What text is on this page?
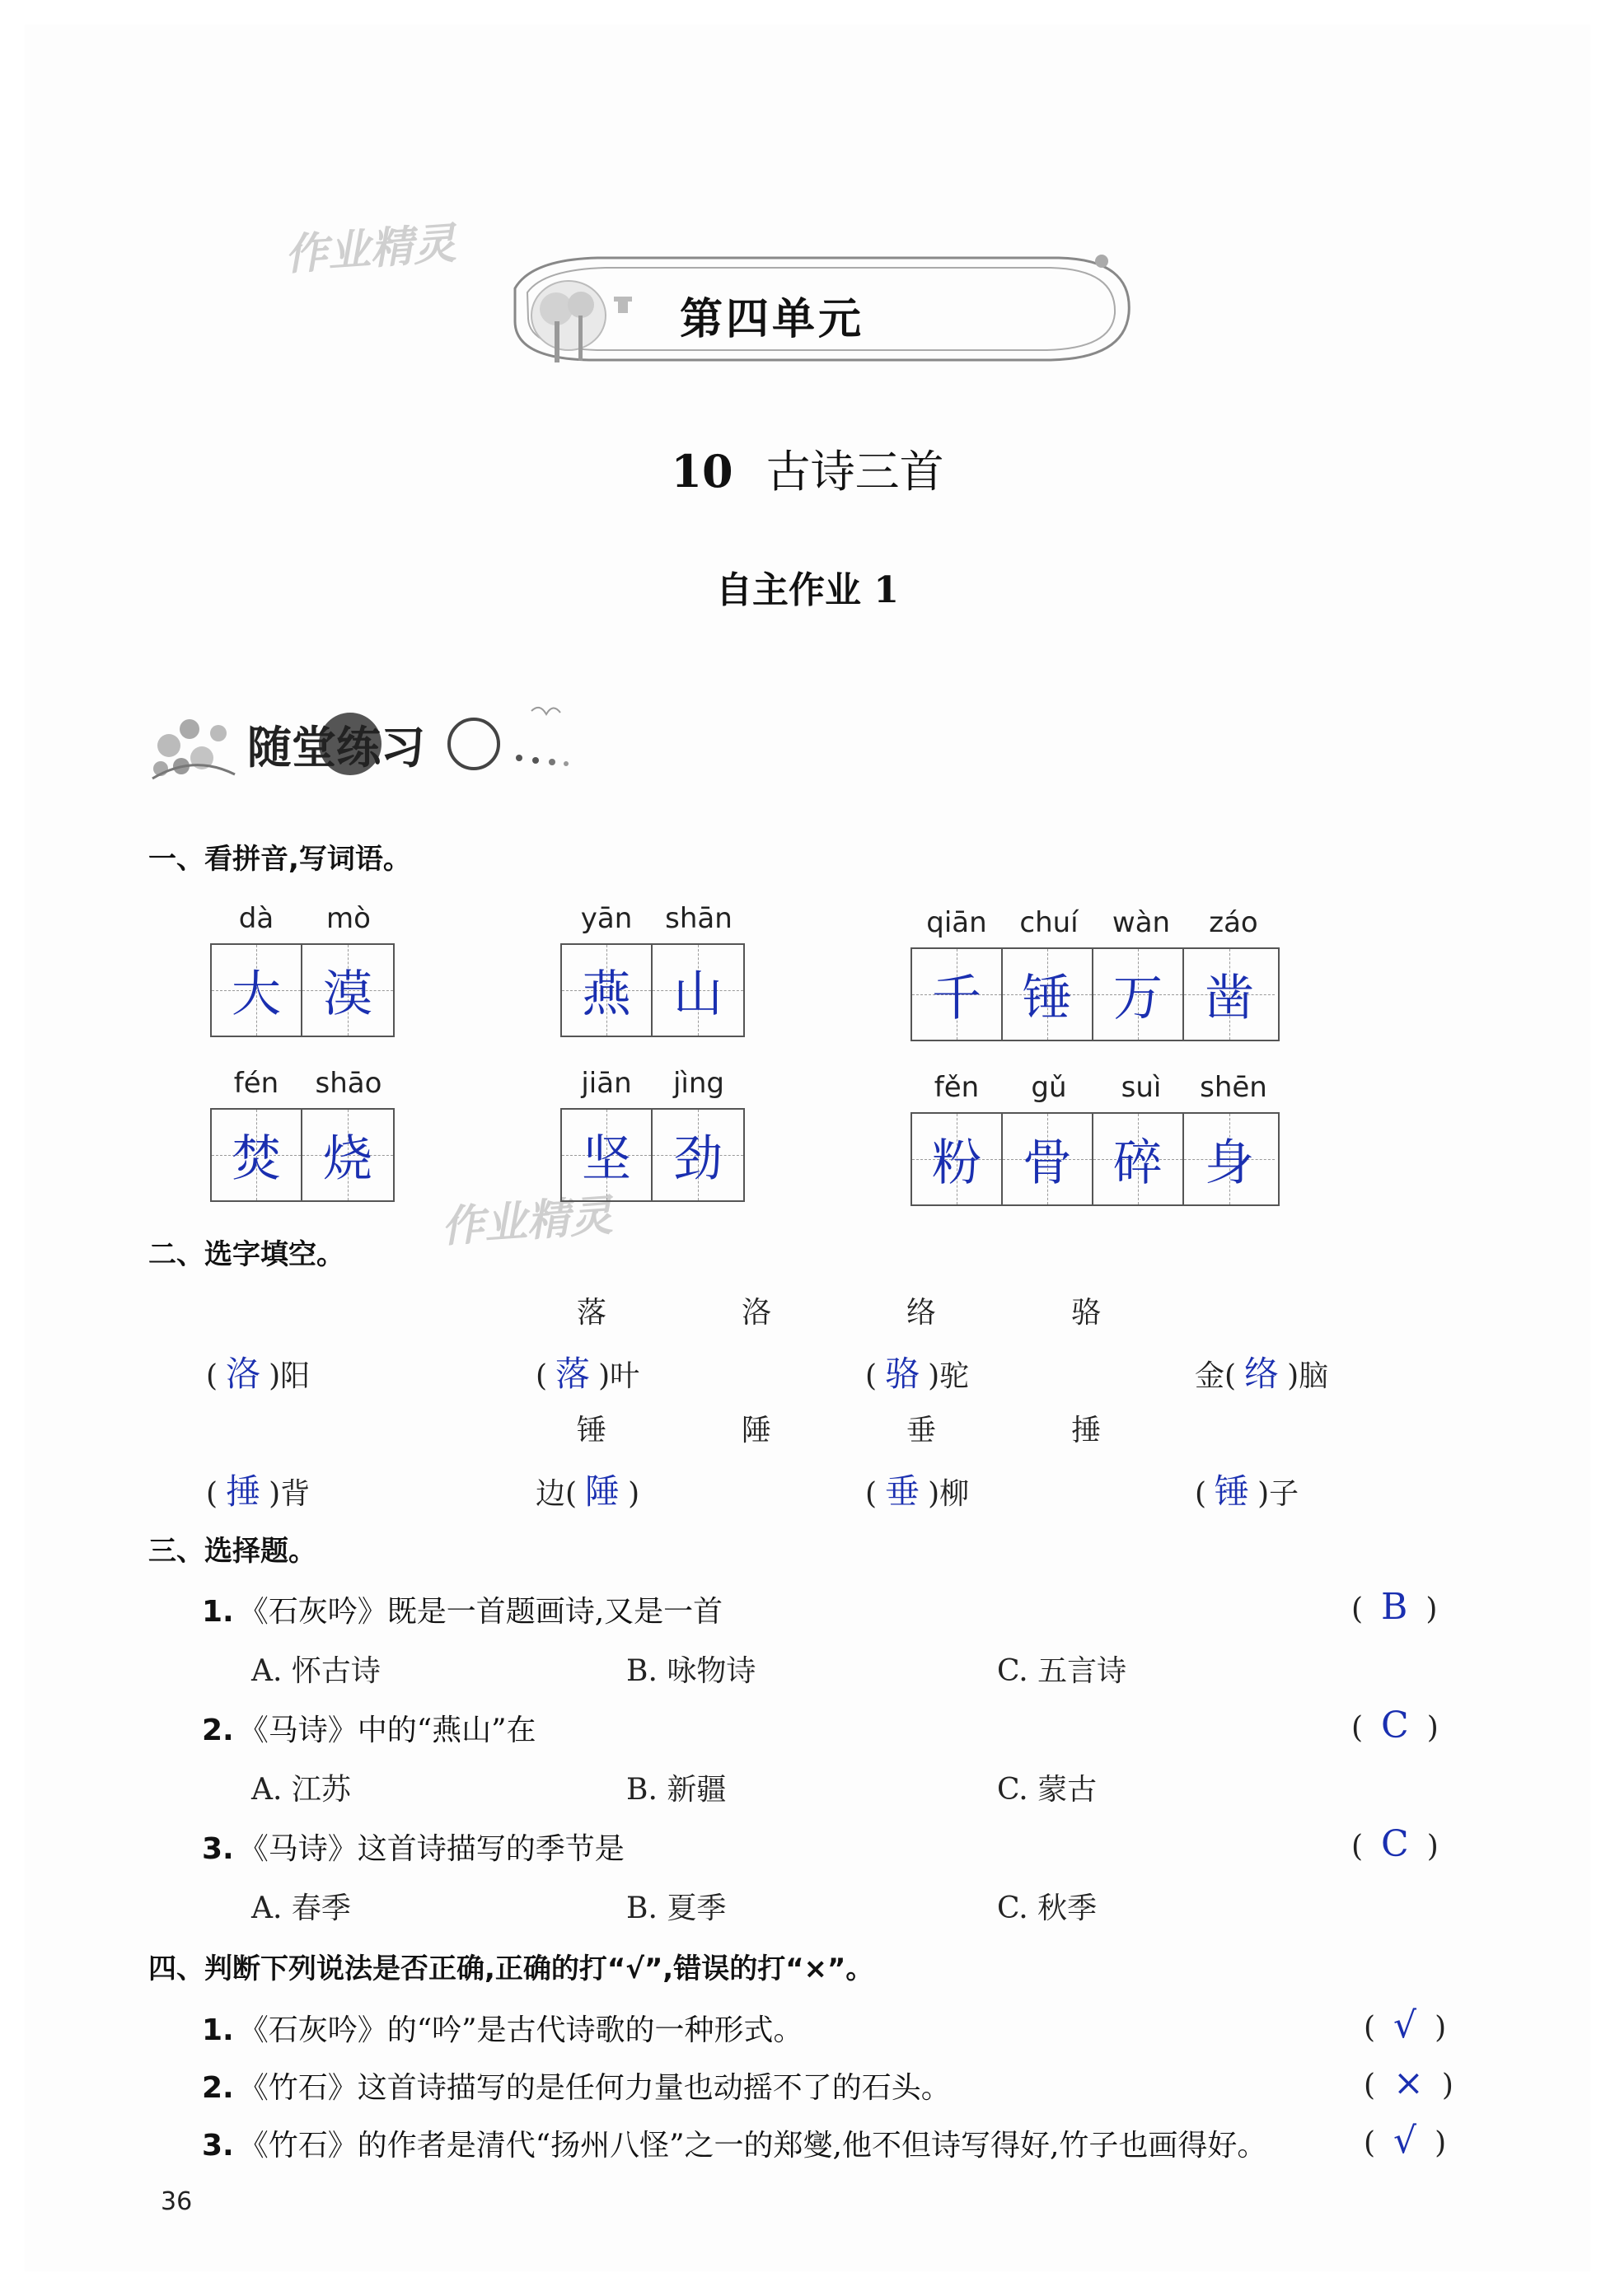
作业精灵
作业精灵
第四单元
10 古诗三首
自主作业 1
随堂练习
一、看拼音,写词语。
dà	mò
大 漠
yān	shān
燕 山
qiān	chuí	wàn	záo
千 锤 万 凿
fén	shāo
焚 烧
jiān	jìng
坚 劲
fěn	gǔ	suì	shēn
粉 骨 碎 身
二、选字填空。
落	洛	络	骆
( 洛 )阳	( 落 )叶	( 骆 )驼	金( 络 )脑
锤	陲	垂	捶
( 捶 )背	边( 陲 )	( 垂 )柳	( 锤 )子
三、选择题。
1. 《石灰吟》既是一首题画诗,又是一首	( B )
A. 怀古诗	B. 咏物诗	C. 五言诗
2. 《马诗》中的“燕山”在	( C )
A. 江苏	B. 新疆	C. 蒙古
3. 《马诗》这首诗描写的季节是	( C )
A. 春季	B. 夏季	C. 秋季
四、判断下列说法是否正确,正确的打“√”,错误的打“×”。
1. 《石灰吟》的“吟”是古代诗歌的一种形式。	( √ )
2. 《竹石》这首诗描写的是任何力量也动摇不了的石头。	( × )
3. 《竹石》的作者是清代“扬州八怪”之一的郑燮,他不但诗写得好,竹子也画得好。	( √ )
36
